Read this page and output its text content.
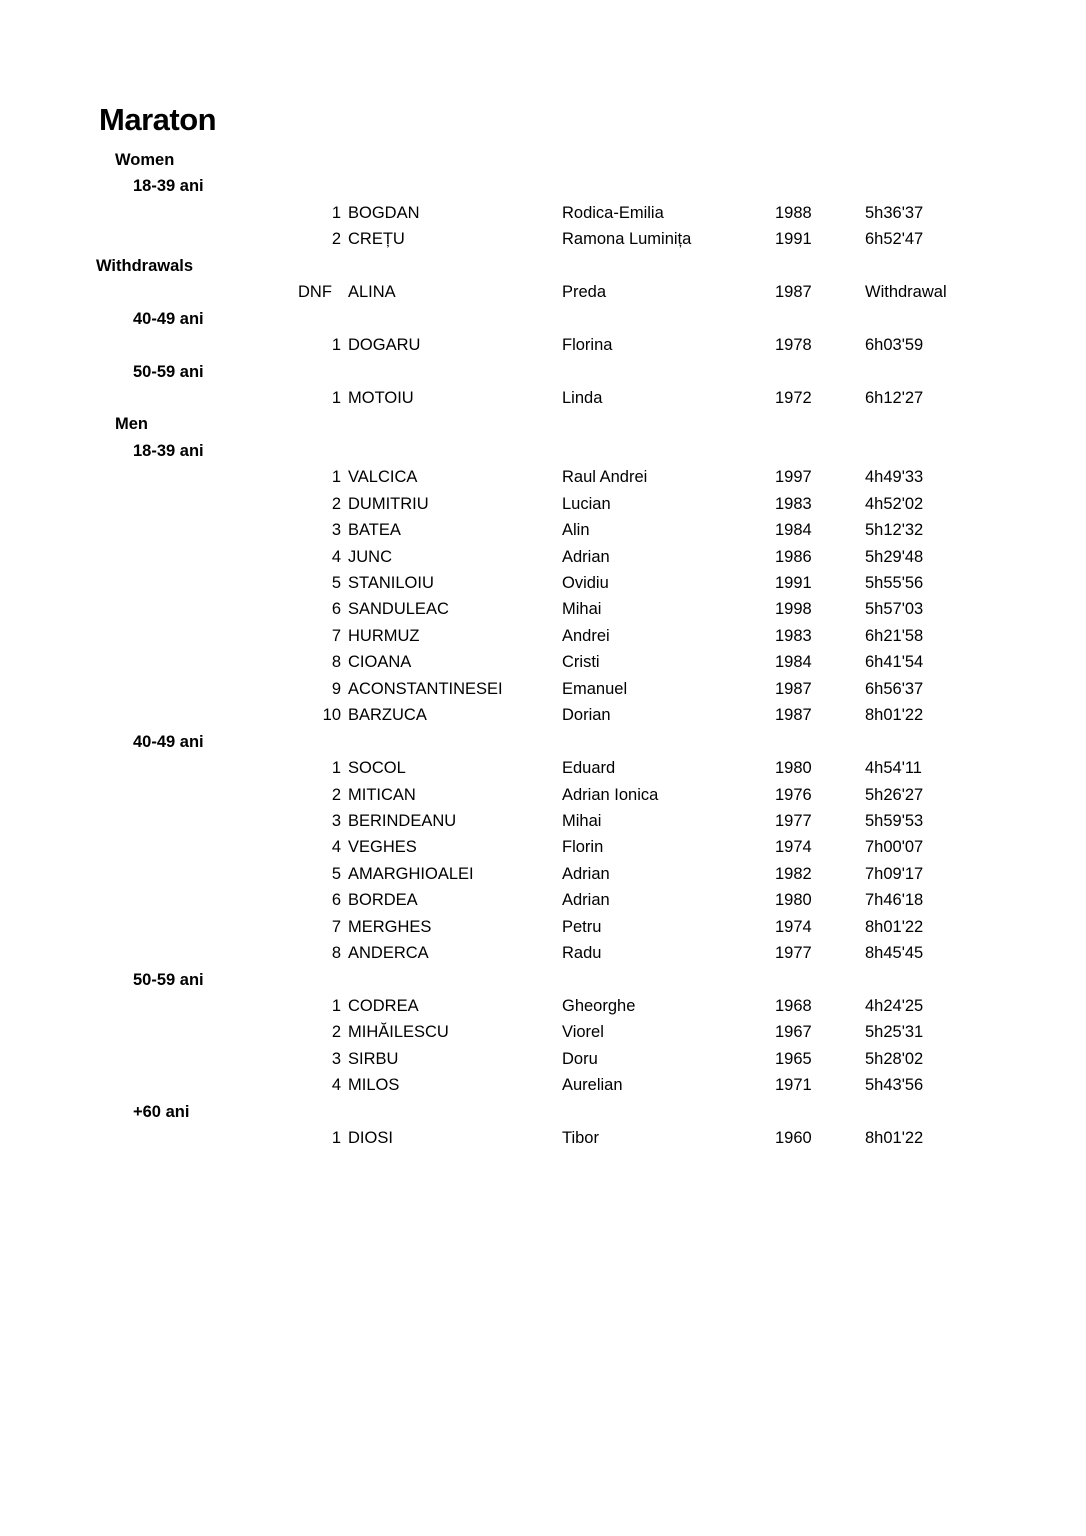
Maraton
Women
18-39 ani
1 BOGDAN	Rodica-Emilia	1988	5h36'37
2 CREȚU	Ramona Luminița	1991	6h52'47
Withdrawals
DNF ALINA	Preda	1987	Withdrawal
40-49 ani
1 DOGARU	Florina	1978	6h03'59
50-59 ani
1 MOTOIU	Linda	1972	6h12'27
Men
18-39 ani
1 VALCICA	Raul Andrei	1997	4h49'33
2 DUMITRIU	Lucian	1983	4h52'02
3 BATEA	Alin	1984	5h12'32
4 JUNC	Adrian	1986	5h29'48
5 STANILOIU	Ovidiu	1991	5h55'56
6 SANDULEAC	Mihai	1998	5h57'03
7 HURMUZ	Andrei	1983	6h21'58
8 CIOANA	Cristi	1984	6h41'54
9 ACONSTANTINESEI	Emanuel	1987	6h56'37
10 BARZUCA	Dorian	1987	8h01'22
40-49 ani
1 SOCOL	Eduard	1980	4h54'11
2 MITICAN	Adrian Ionica	1976	5h26'27
3 BERINDEANU	Mihai	1977	5h59'53
4 VEGHES	Florin	1974	7h00'07
5 AMARGHIOALEI	Adrian	1982	7h09'17
6 BORDEA	Adrian	1980	7h46'18
7 MERGHES	Petru	1974	8h01'22
8 ANDERCA	Radu	1977	8h45'45
50-59 ani
1 CODREA	Gheorghe	1968	4h24'25
2 MIHĂILESCU	Viorel	1967	5h25'31
3 SIRBU	Doru	1965	5h28'02
4 MILOS	Aurelian	1971	5h43'56
+60 ani
1 DIOSI	Tibor	1960	8h01'22
